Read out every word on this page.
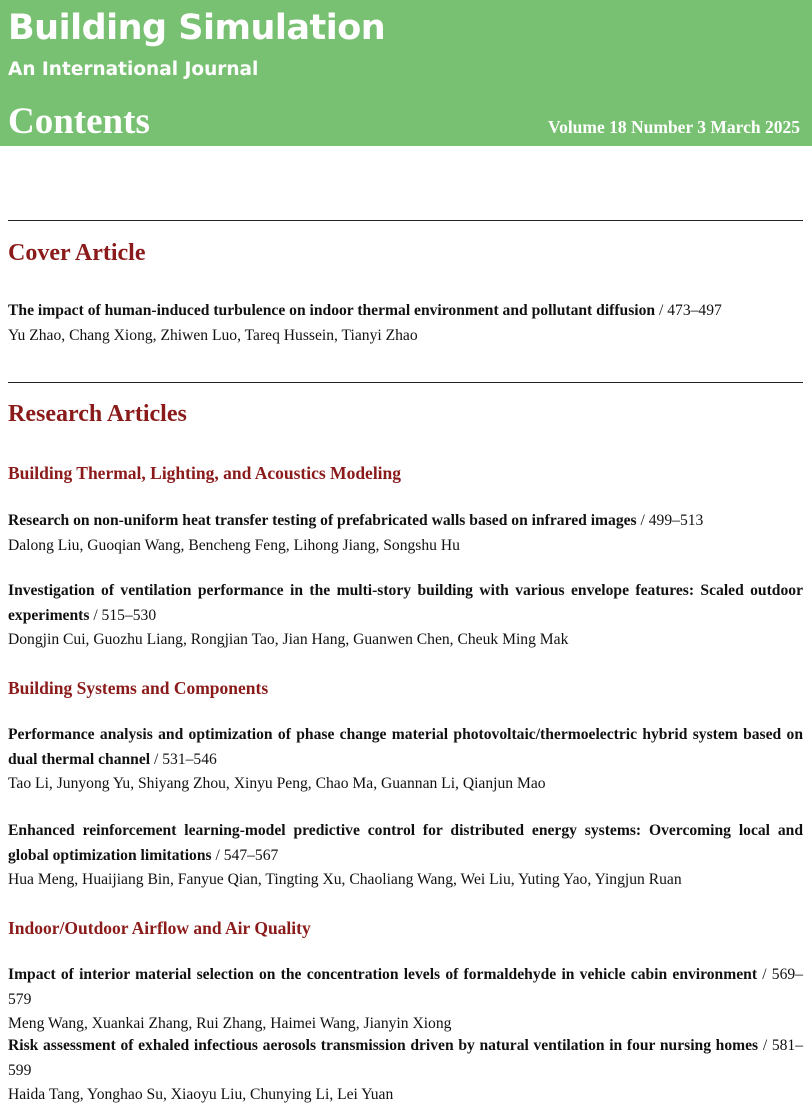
Building Simulation
An International Journal
Contents	Volume 18 Number 3 March 2025
Cover Article

The impact of human-induced turbulence on indoor thermal environment and pollutant diffusion / 473–497

Yu Zhao, Chang Xiong, Zhiwen Luo, Tareq Hussein, Tianyi Zhao

Research Articles
Building Thermal, Lighting, and Acoustics Modeling

Research on non-uniform heat transfer testing of prefabricated walls based on infrared images / 499–513

Dalong Liu, Guoqian Wang, Bencheng Feng, Lihong Jiang, Songshu Hu

Investigation of ventilation performance in the multi-story building with various envelope features: Scaled outdoor experiments / 515–530

Dongjin Cui, Guozhu Liang, Rongjian Tao, Jian Hang, Guanwen Chen, Cheuk Ming Mak

Building Systems and Components

Performance analysis and optimization of phase change material photovoltaic/thermoelectric hybrid system based on dual thermal channel / 531–546

Tao Li, Junyong Yu, Shiyang Zhou, Xinyu Peng, Chao Ma, Guannan Li, Qianjun Mao

Enhanced reinforcement learning-model predictive control for distributed energy systems: Overcoming local and global optimization limitations / 547–567

Hua Meng, Huaijiang Bin, Fanyue Qian, Tingting Xu, Chaoliang Wang, Wei Liu, Yuting Yao, Yingjun Ruan

Indoor/Outdoor Airflow and Air Quality

Impact of interior material selection on the concentration levels of formaldehyde in vehicle cabin environment / 569–579

Meng Wang, Xuankai Zhang, Rui Zhang, Haimei Wang, Jianyin Xiong

Risk assessment of exhaled infectious aerosols transmission driven by natural ventilation in four nursing homes / 581–599

Haida Tang, Yonghao Su, Xiaoyu Liu, Chunying Li, Lei Yuan
